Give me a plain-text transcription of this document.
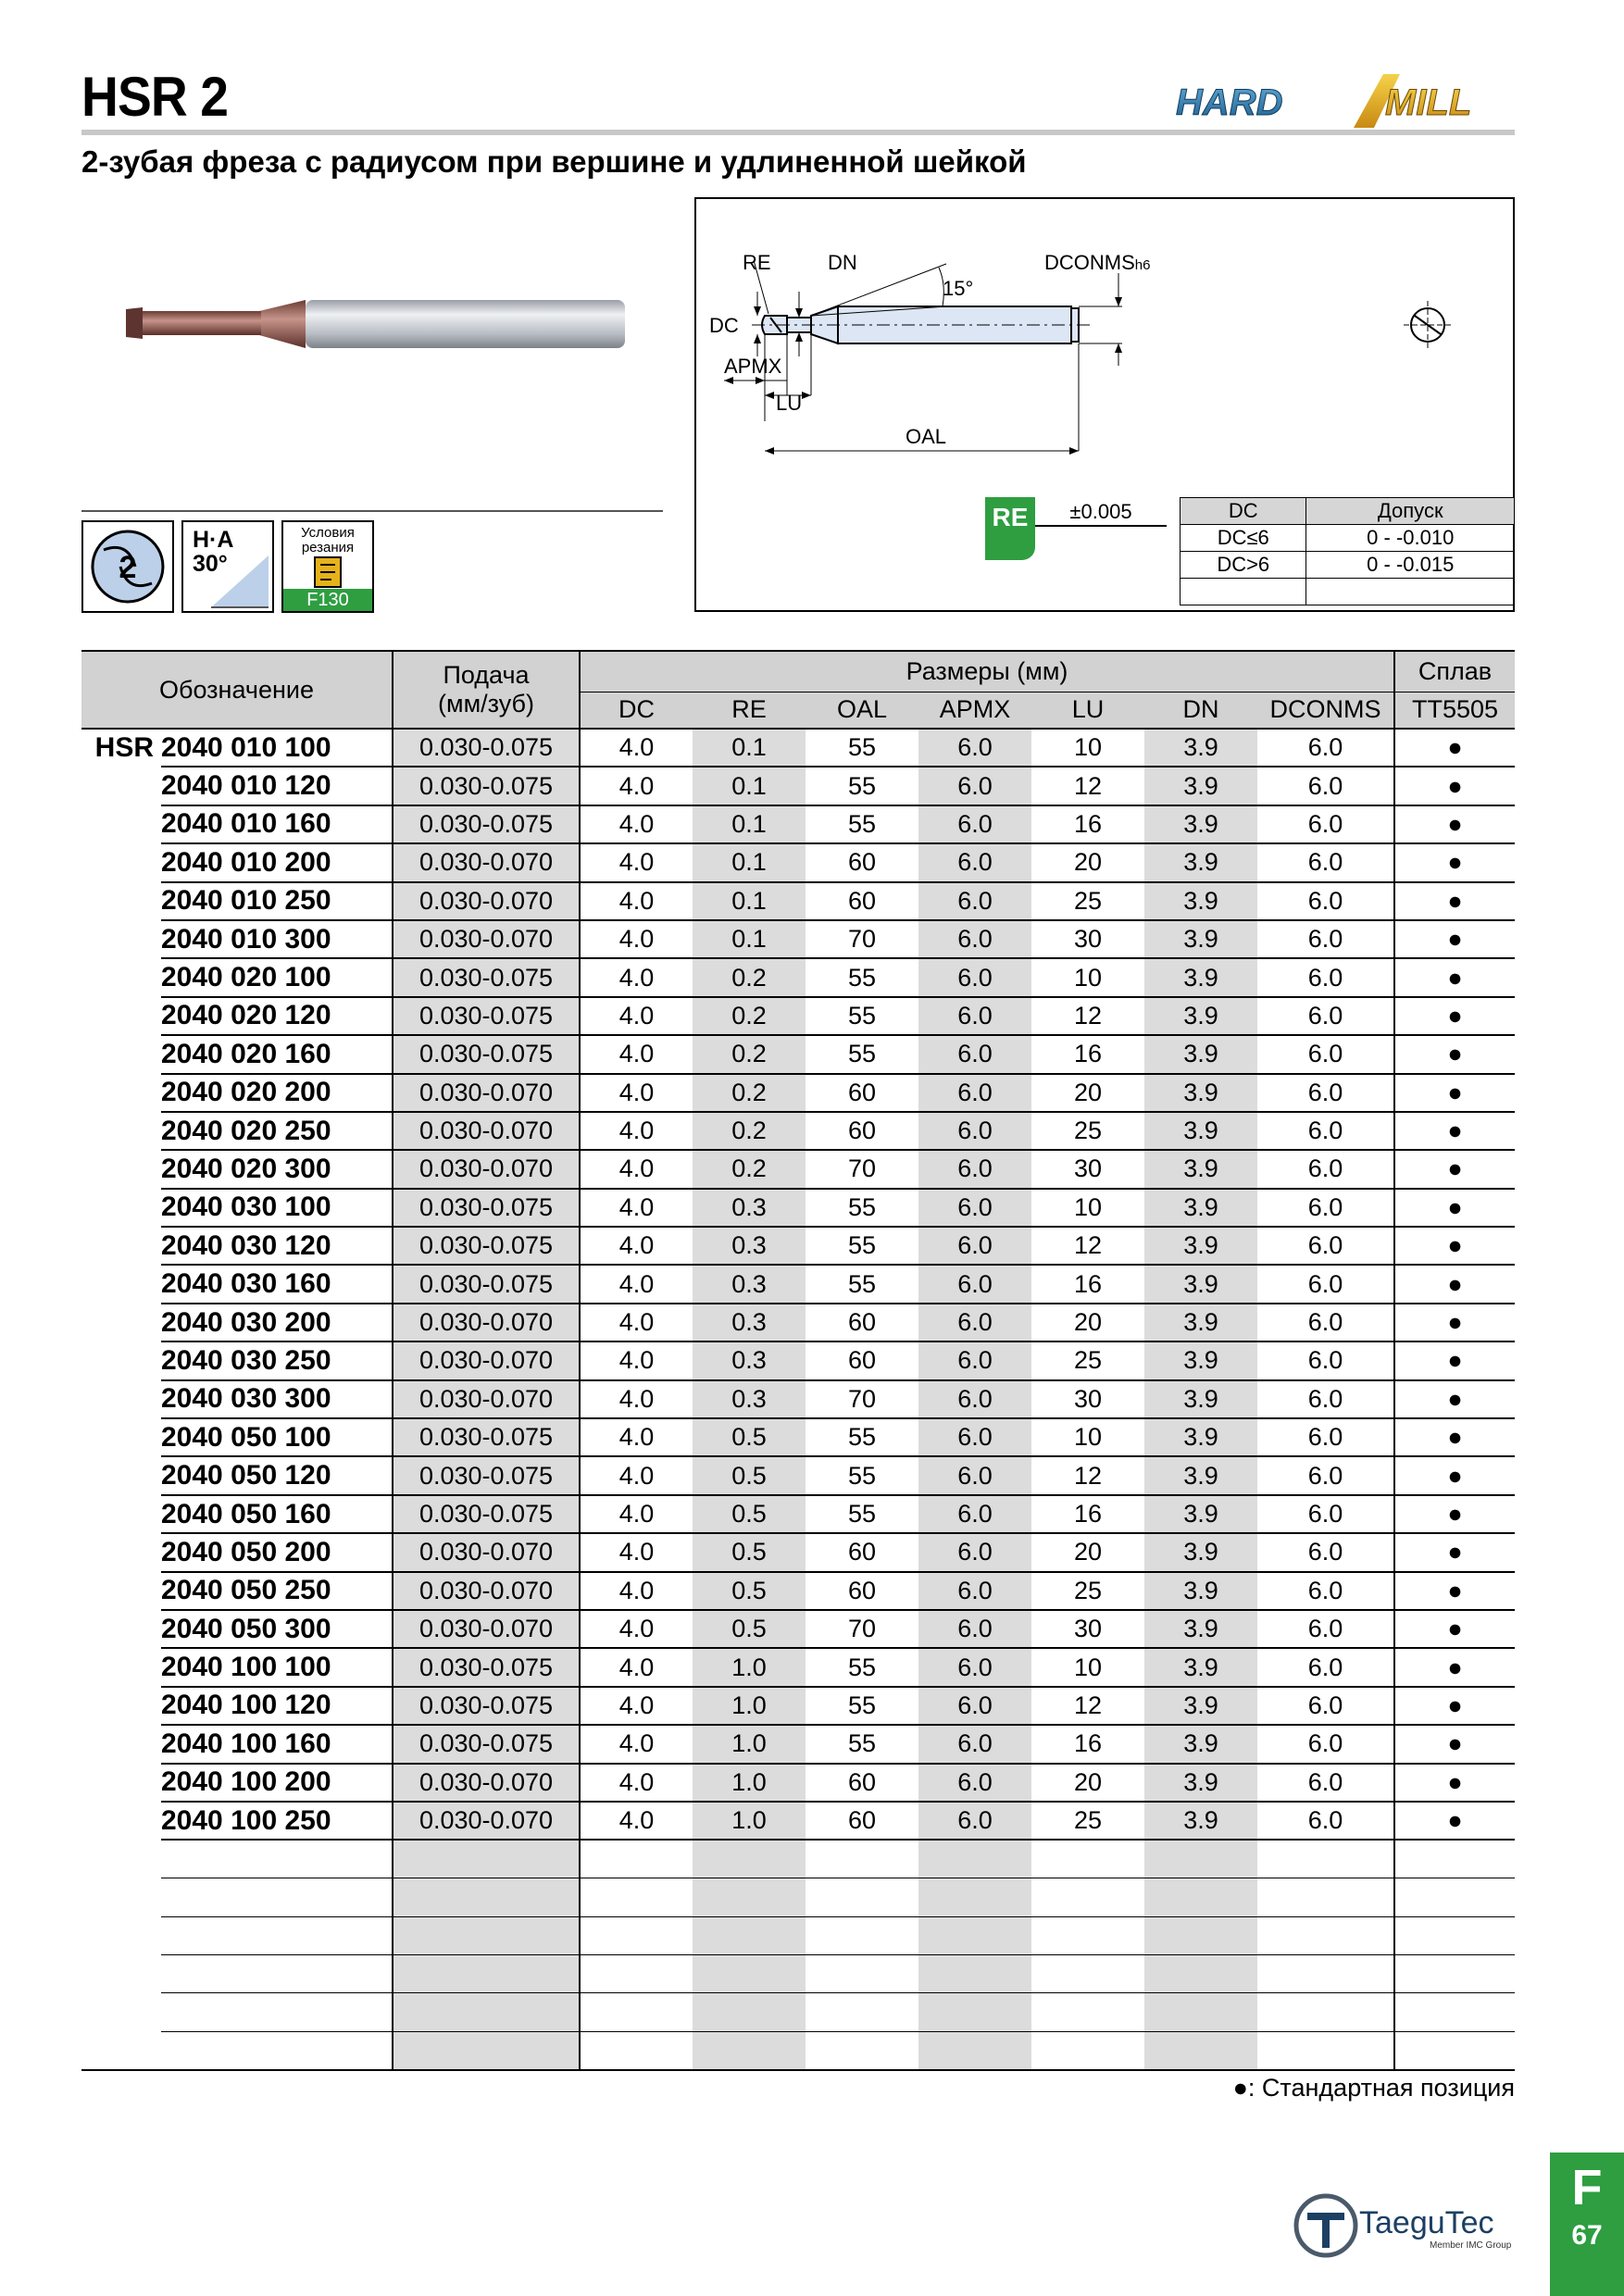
HSR 2	HARD	MILL
2-зубая фреза с радиусом при вершине и удлиненной шейкой
2
H·A
30°
Условия резания
F130
RE	DN
15°
DCONMSh6
DC
APMX
LU
OAL
RE	±0.005	DC	Допуск
DC≤6	0 - -0.010
DC>6	0 - -0.015

Обозначение		Подача
(мм/зуб)	Размеры (мм)							Сплав
			DC	RE	OAL	APMX	LU	DN	DCONMS	TT5505
HSR	2040 010 100	0.030-0.075	4.0	0.1	55	6.0	10	3.9	6.0	●
	2040 010 120	0.030-0.075	4.0	0.1	55	6.0	12	3.9	6.0	●
	2040 010 160	0.030-0.075	4.0	0.1	55	6.0	16	3.9	6.0	●
	2040 010 200	0.030-0.070	4.0	0.1	60	6.0	20	3.9	6.0	●
	2040 010 250	0.030-0.070	4.0	0.1	60	6.0	25	3.9	6.0	●
	2040 010 300	0.030-0.070	4.0	0.1	70	6.0	30	3.9	6.0	●
	2040 020 100	0.030-0.075	4.0	0.2	55	6.0	10	3.9	6.0	●
	2040 020 120	0.030-0.075	4.0	0.2	55	6.0	12	3.9	6.0	●
	2040 020 160	0.030-0.075	4.0	0.2	55	6.0	16	3.9	6.0	●
	2040 020 200	0.030-0.070	4.0	0.2	60	6.0	20	3.9	6.0	●
	2040 020 250	0.030-0.070	4.0	0.2	60	6.0	25	3.9	6.0	●
	2040 020 300	0.030-0.070	4.0	0.2	70	6.0	30	3.9	6.0	●
	2040 030 100	0.030-0.075	4.0	0.3	55	6.0	10	3.9	6.0	●
	2040 030 120	0.030-0.075	4.0	0.3	55	6.0	12	3.9	6.0	●
	2040 030 160	0.030-0.075	4.0	0.3	55	6.0	16	3.9	6.0	●
	2040 030 200	0.030-0.070	4.0	0.3	60	6.0	20	3.9	6.0	●
	2040 030 250	0.030-0.070	4.0	0.3	60	6.0	25	3.9	6.0	●
	2040 030 300	0.030-0.070	4.0	0.3	70	6.0	30	3.9	6.0	●
	2040 050 100	0.030-0.075	4.0	0.5	55	6.0	10	3.9	6.0	●
	2040 050 120	0.030-0.075	4.0	0.5	55	6.0	12	3.9	6.0	●
	2040 050 160	0.030-0.075	4.0	0.5	55	6.0	16	3.9	6.0	●
	2040 050 200	0.030-0.070	4.0	0.5	60	6.0	20	3.9	6.0	●
	2040 050 250	0.030-0.070	4.0	0.5	60	6.0	25	3.9	6.0	●
	2040 050 300	0.030-0.070	4.0	0.5	70	6.0	30	3.9	6.0	●
	2040 100 100	0.030-0.075	4.0	1.0	55	6.0	10	3.9	6.0	●
	2040 100 120	0.030-0.075	4.0	1.0	55	6.0	12	3.9	6.0	●
	2040 100 160	0.030-0.075	4.0	1.0	55	6.0	16	3.9	6.0	●
	2040 100 200	0.030-0.070	4.0	1.0	60	6.0	20	3.9	6.0	●
	2040 100 250	0.030-0.070	4.0	1.0	60	6.0	25	3.9	6.0	●

●: Стандартная позиция
TaeguTec
Member IMC Group
F
67
